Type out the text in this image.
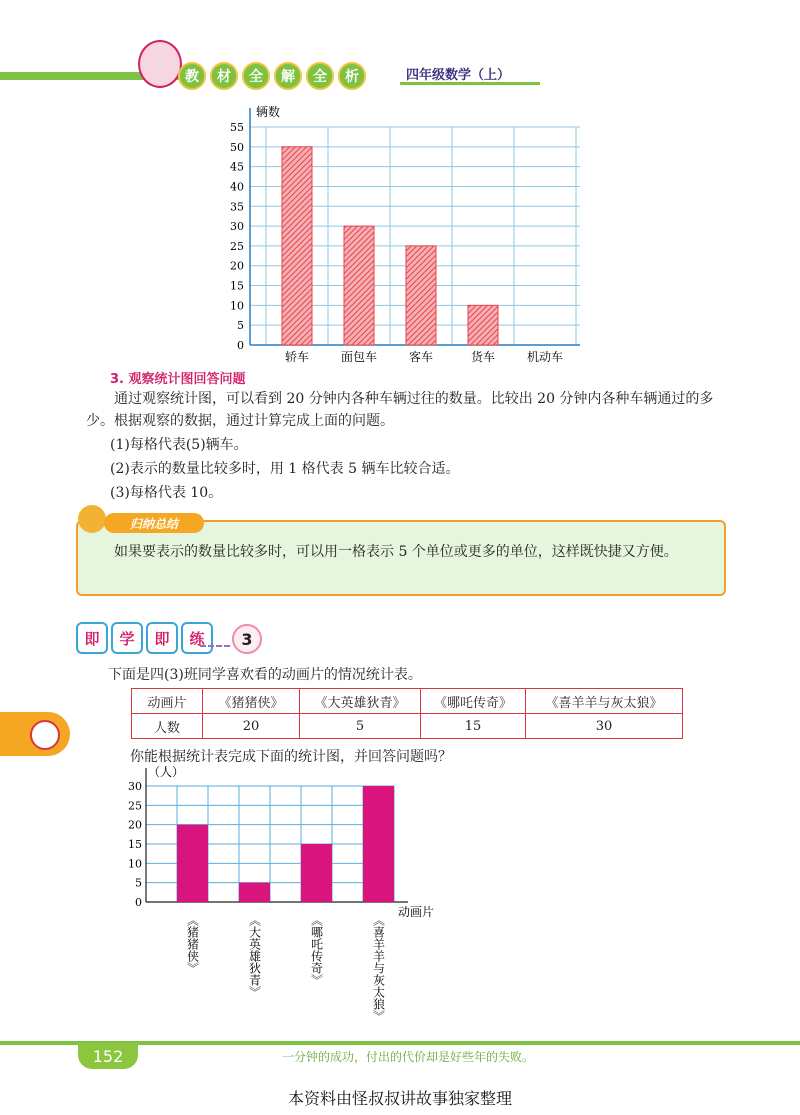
教	材	全	解	全	析	四年级数学（上）
0
5
10
15
20
25
30
35
40
45
50
55
辆数
轿车	面包车	客车	货车	机动车
3. 观察统计图回答问题
通过观察统计图，可以看到 20 分钟内各种车辆过往的数量。比较出 20 分钟内各种车辆通过的多少。根据观察的数据，通过计算完成上面的问题。
(1)每格代表(5)辆车。
(2)表示的数量比较多时，用 1 格代表 5 辆车比较合适。
(3)每格代表 10。
归纳总结
如果要表示的数量比较多时，可以用一格表示 5 个单位或更多的单位，这样既快捷又方便。
即	学	即	练	3
下面是四(3)班同学喜欢看的动画片的情况统计表。
动画片	《猪猪侠》	《大英雄狄青》	《哪吒传奇》	《喜羊羊与灰太狼》
人数	20	5	15	30
你能根据统计表完成下面的统计图，并回答问题吗？
0
5
10
15
20
25
30
（人）
动画片
《猪猪侠》	《大英雄狄青》	《哪吒传奇》	《喜羊羊与灰太狼》
152	一分钟的成功，付出的代价却是好些年的失败。
本资料由怪叔叔讲故事独家整理
